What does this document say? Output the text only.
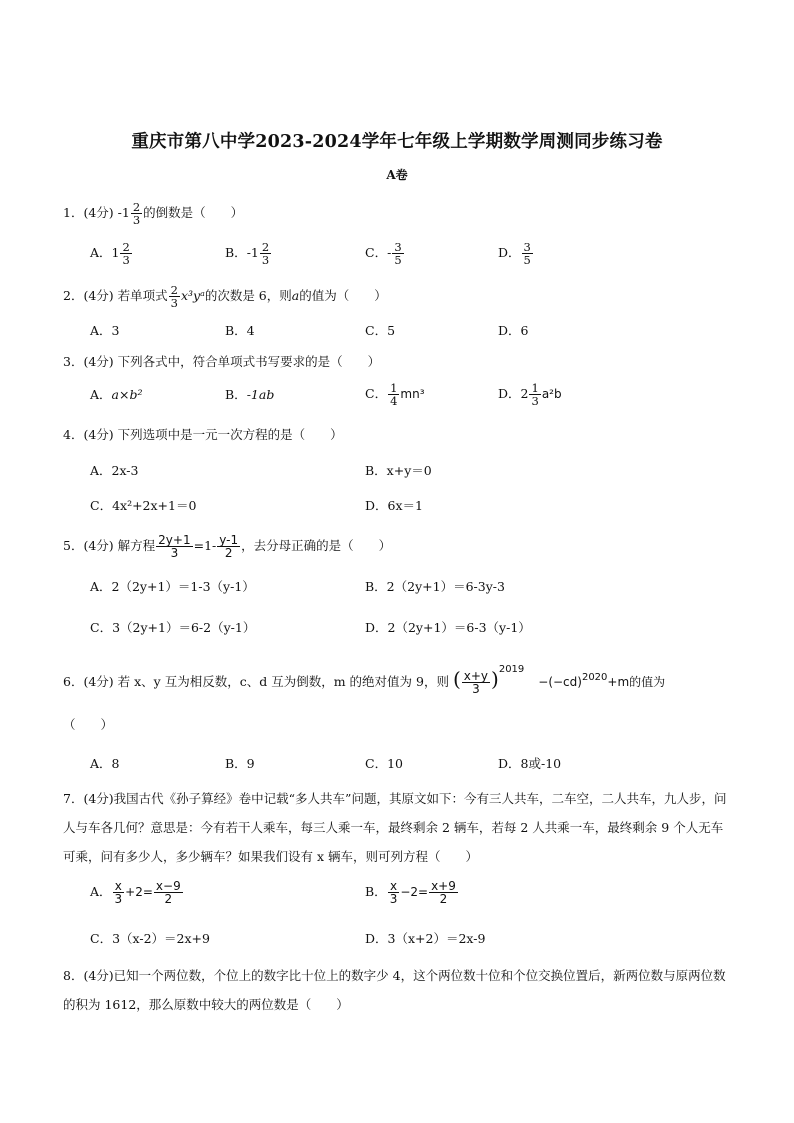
重庆市第八中学2023-2024学年七年级上学期数学周测同步练习卷
A卷
1．(4分) $-1 \frac{2}{3}$ 的倒数是（　　）
A．$1 \frac{2}{3}$	B．$-1 \frac{2}{3}$	C．- $\frac{3}{5}$	D． $\frac{3}{5}$
2．(4分) 若单项式 $\frac{2}{3}$ x³yᵃ的次数是 6，则a的值为（　　）
A．3	B．4	C．5	D．6
3．(4分) 下列各式中，符合单项式书写要求的是（　　）
A．a×b²	B．-1ab	C． $\frac{1}{4} mn^3$	D．$2 \frac{1}{3} a^2b$
4．(4分) 下列选项中是一元一次方程的是（　　）
A．2x-3	B．x+y＝0
C．4x²+2x+1＝0	D．6x＝1
5．(4分) 解方程 $\frac{2y+1}{3} =1- \frac{y-1}{2}$ ，去分母正确的是（　　）
A．2（2y+1）＝1-3（y-1）	B．2（2y+1）＝6-3y-3
C．3（2y+1）＝6-2（y-1）	D．2（2y+1）＝6-3（y-1）
6．(4分) 若 x、y 互为相反数，c、d 互为倒数，m 的绝对值为 9，则 ( $\frac{x+y}{3} )^{2019} -(-cd)^{2020}+m$的值为
（　　）
A．8	B．9	C．10	D．8或-10
7．(4分)我国古代《孙子算经》卷中记载“多人共车”问题，其原文如下：今有三人共车，二车空，二人共车，九人步，问人与车各几何？意思是：今有若干人乘车，每三人乘一车，最终剩余 2 辆车，若每 2 人共乘一车，最终剩余 9 个人无车可乘，问有多少人，多少辆车？如果我们设有 x 辆车，则可列方程（　　）
A． $\frac{x}{3} +2= \frac{x-9}{2}$	B． $\frac{x}{3} -2= \frac{x+9}{2}$
C．3（x-2）＝2x+9	D．3（x+2）＝2x-9
8．(4分)已知一个两位数，个位上的数字比十位上的数字少 4，这个两位数十位和个位交换位置后，新两位数与原两位数的积为 1612，那么原数中较大的两位数是（　　）
